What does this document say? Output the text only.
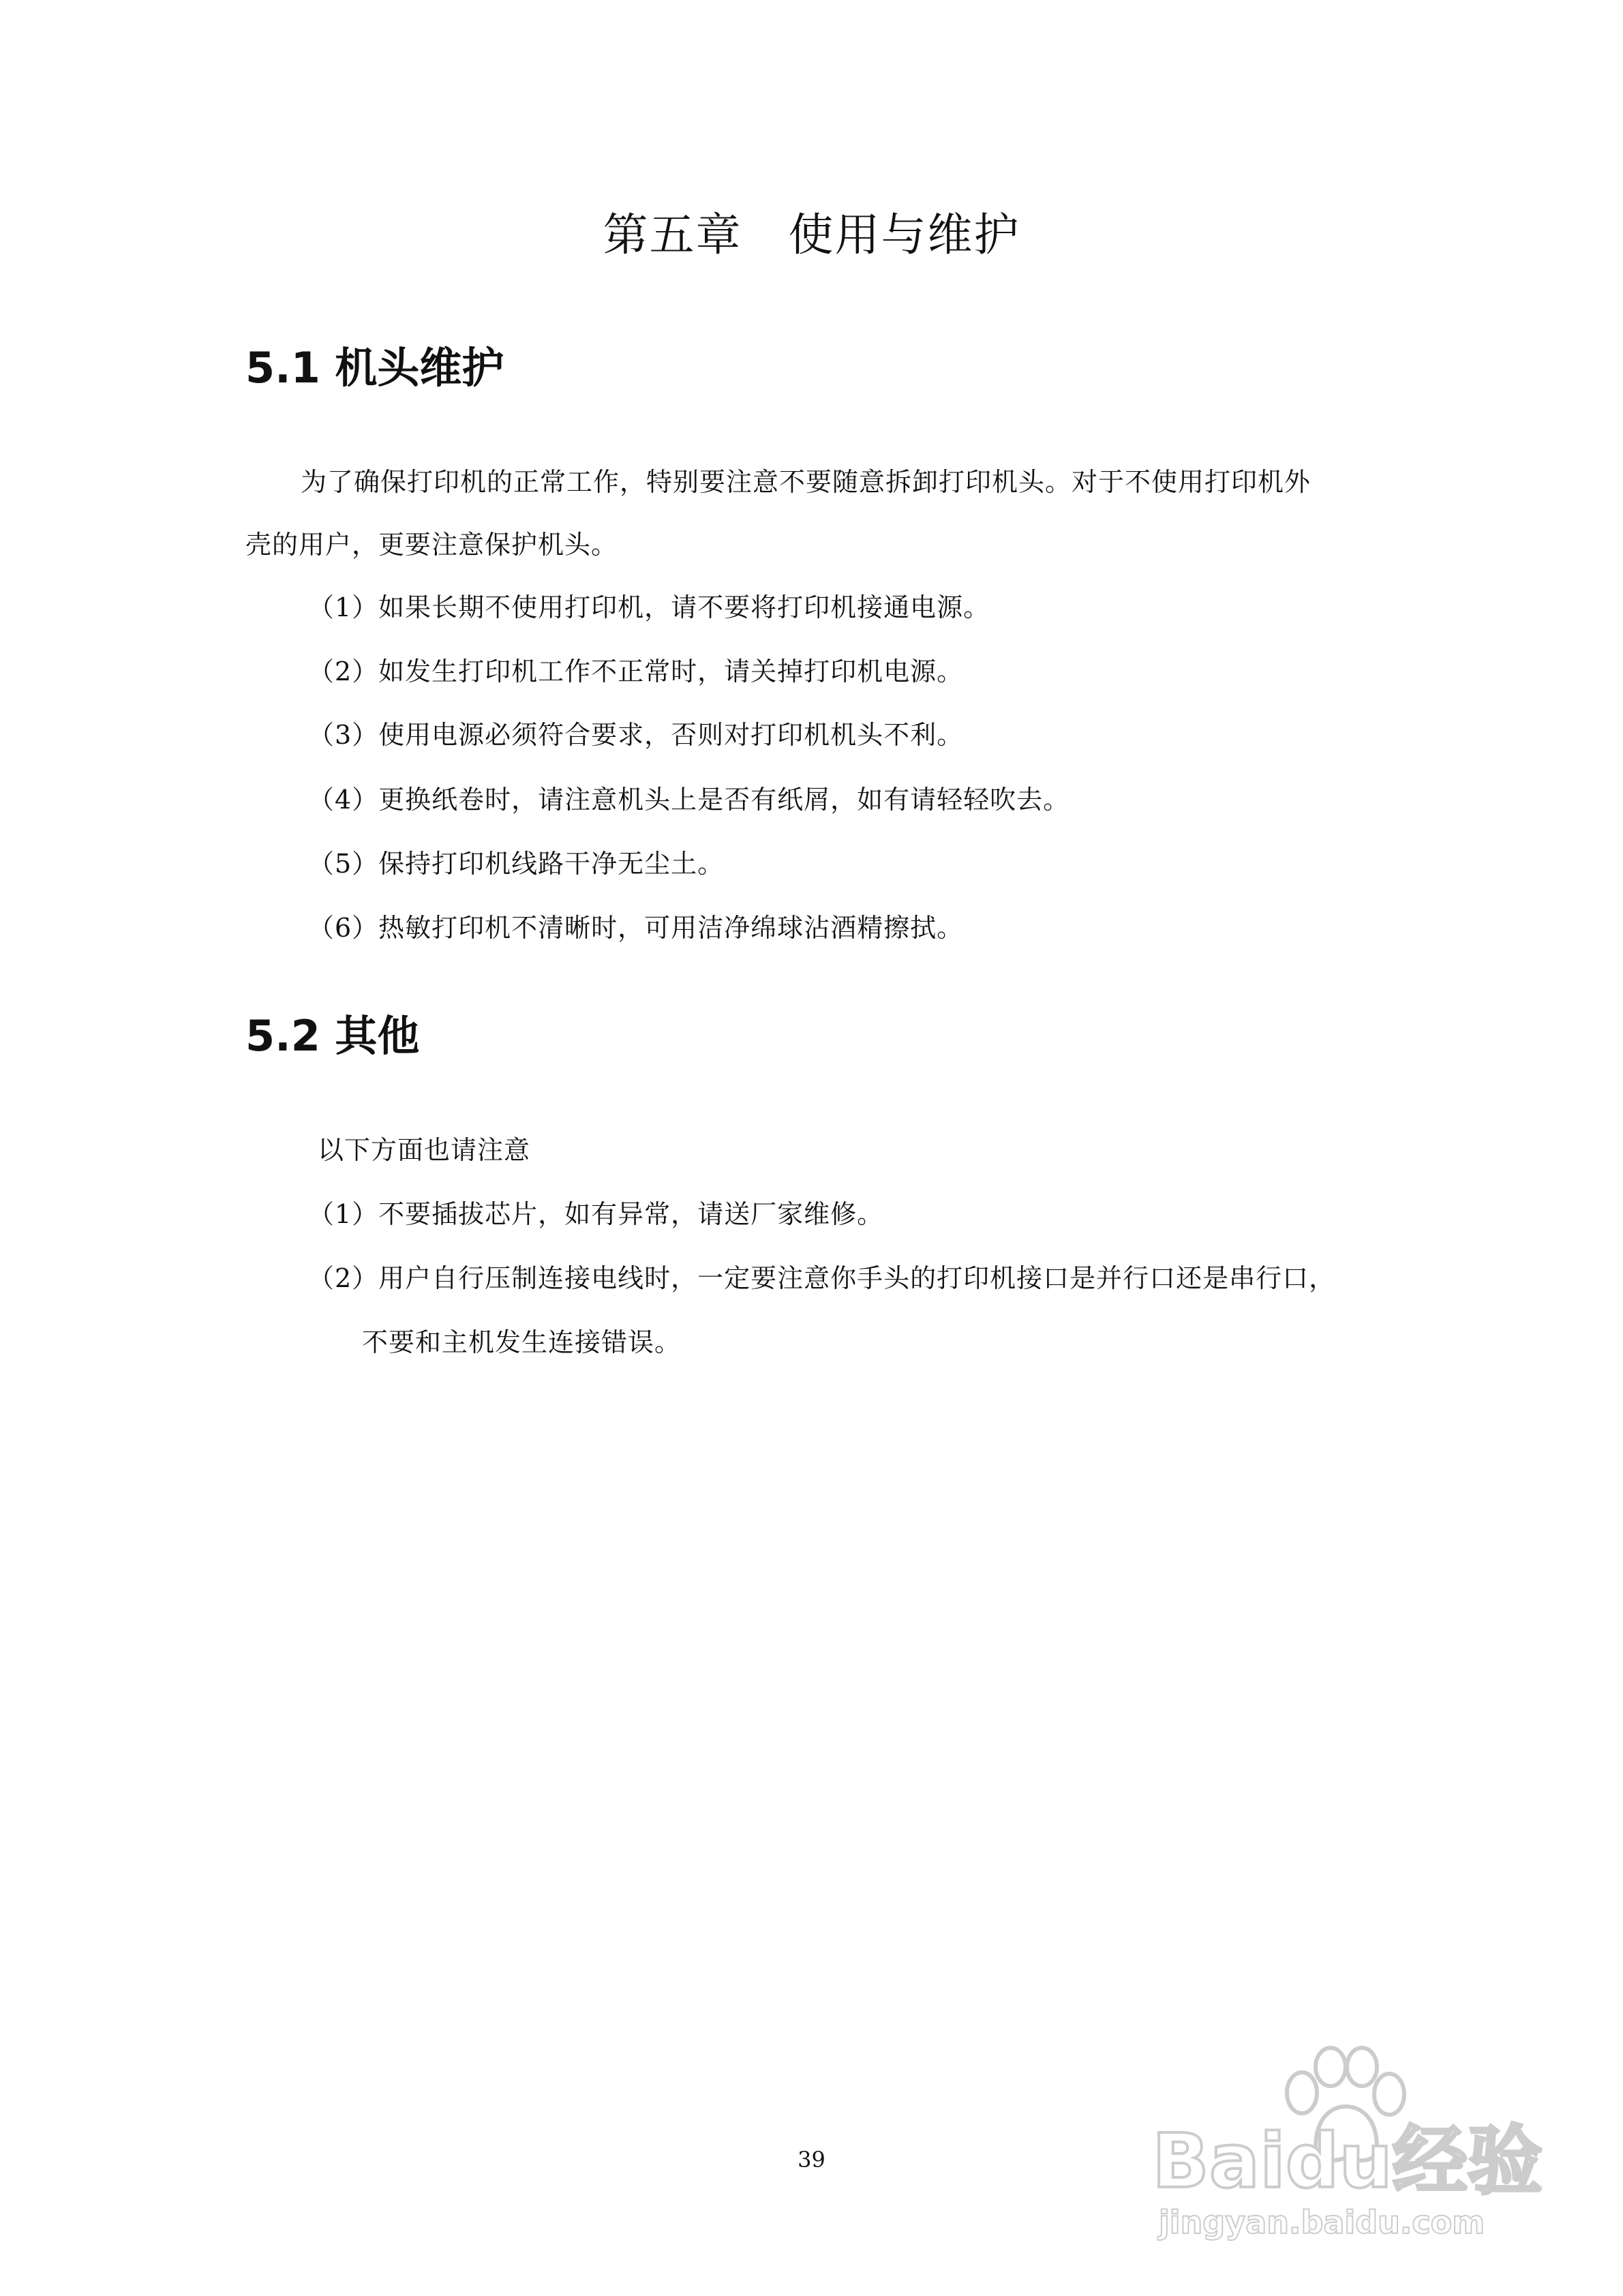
第五章　使用与维护
5.1 机头维护

为了确保打印机的正常工作，特别要注意不要随意拆卸打印机头。对于不使用打印机外

壳的用户，更要注意保护机头。

（1）如果长期不使用打印机，请不要将打印机接通电源。

（2）如发生打印机工作不正常时，请关掉打印机电源。

（3）使用电源必须符合要求，否则对打印机机头不利。

（4）更换纸卷时，请注意机头上是否有纸屑，如有请轻轻吹去。

（5）保持打印机线路干净无尘土。

（6）热敏打印机不清晰时，可用洁净绵球沾酒精擦拭。

5.2 其他

以下方面也请注意

（1）不要插拔芯片，如有异常，请送厂家维修。

（2）用户自行压制连接电线时，一定要注意你手头的打印机接口是并行口还是串行口，

不要和主机发生连接错误。

39	Baidu经验
jingyan.baidu.com
